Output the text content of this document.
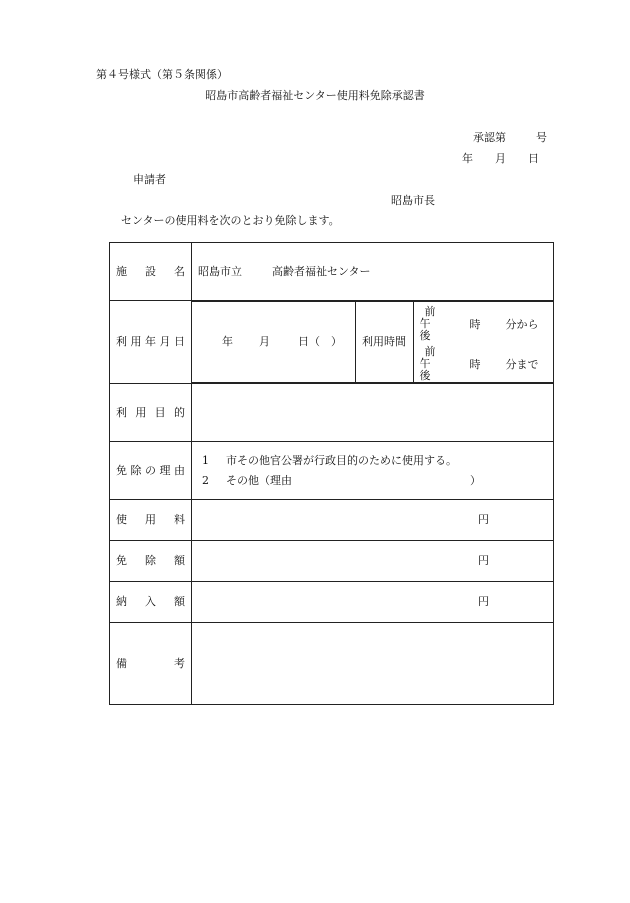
第４号様式（第５条関係）
昭島市高齢者福祉センター使用料免除承認書
承認第	号
年 月 日
申請者
昭島市長
センターの使用料を次のとおり免除します。
施設名	昭島市立	高齢者福祉センター
利用年月日		年 月	日（　）	利用時間	
前
午後
時 分から
前
午後
時 分まで

利用目的	
免除の理由	
1 市その他官公署が行政目的のために使用する。
2 その他（理由	）

使用料	円
免除額	円
納入額	円
備考	
